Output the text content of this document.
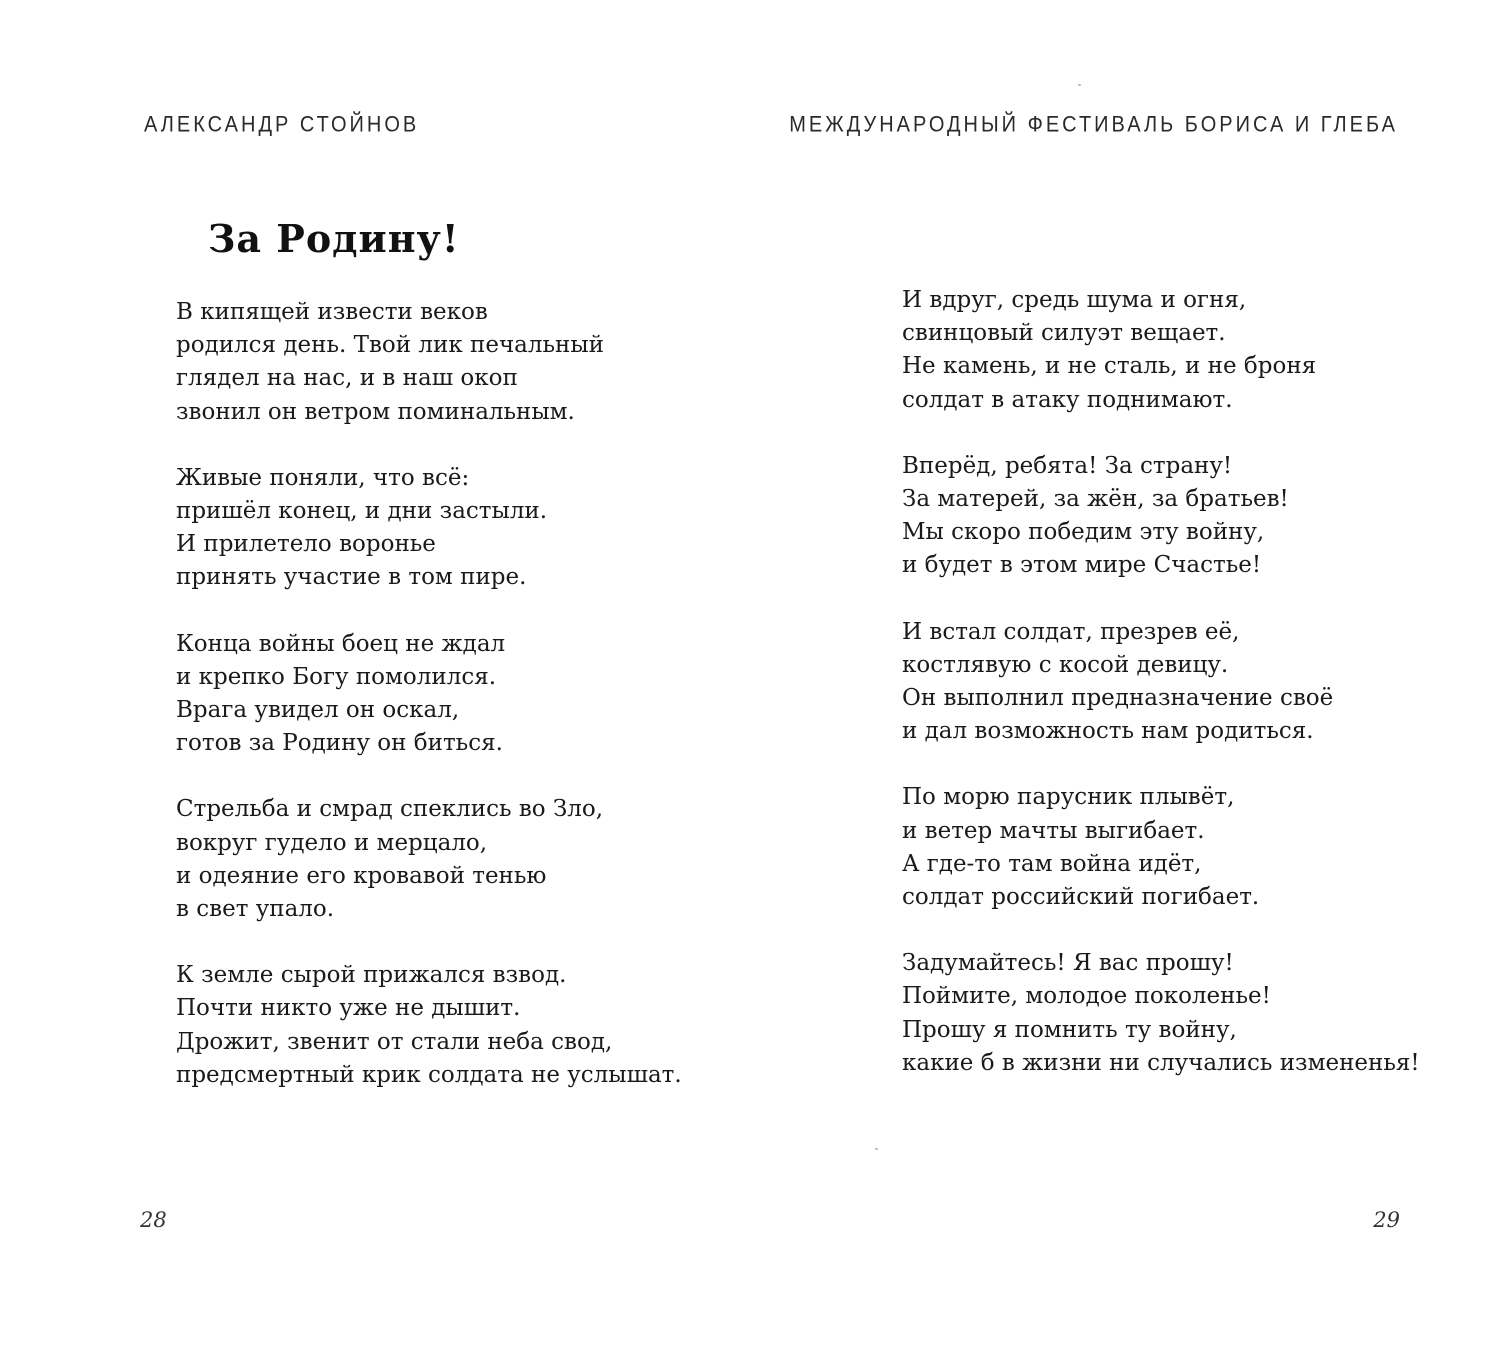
АЛЕКСАНДР СТОЙНОВ
За Родину!
В кипящей извести веков
родился день. Твой лик печальный
глядел на нас, и в наш окоп
звонил он ветром поминальным.
Живые поняли, что всё:
пришёл конец, и дни застыли.
И прилетело воронье
принять участие в том пире.
Конца войны боец не ждал
и крепко Богу помолился.
Врага увидел он оскал,
готов за Родину он биться.
Стрельба и смрад спеклись во Зло,
вокруг гудело и мерцало,
и одеяние его кровавой тенью
в свет упало.
К земле сырой прижался взвод.
Почти никто уже не дышит.
Дрожит, звенит от стали неба свод,
предсмертный крик солдата не услышат.
28
МЕЖДУНАРОДНЫЙ ФЕСТИВАЛЬ БОРИСА И ГЛЕБА
И вдруг, средь шума и огня,
свинцовый силуэт вещает.
Не камень, и не сталь, и не броня
солдат в атаку поднимают.
Вперёд, ребята! За страну!
За матерей, за жён, за братьев!
Мы скоро победим эту войну,
и будет в этом мире Счастье!
И встал солдат, презрев её,
костлявую с косой девицу.
Он выполнил предназначение своё
и дал возможность нам родиться.
По морю парусник плывёт,
и ветер мачты выгибает.
А где-то там война идёт,
солдат российский погибает.
Задумайтесь! Я вас прошу!
Поймите, молодое поколенье!
Прошу я помнить ту войну,
какие б в жизни ни случались измененья!
29
